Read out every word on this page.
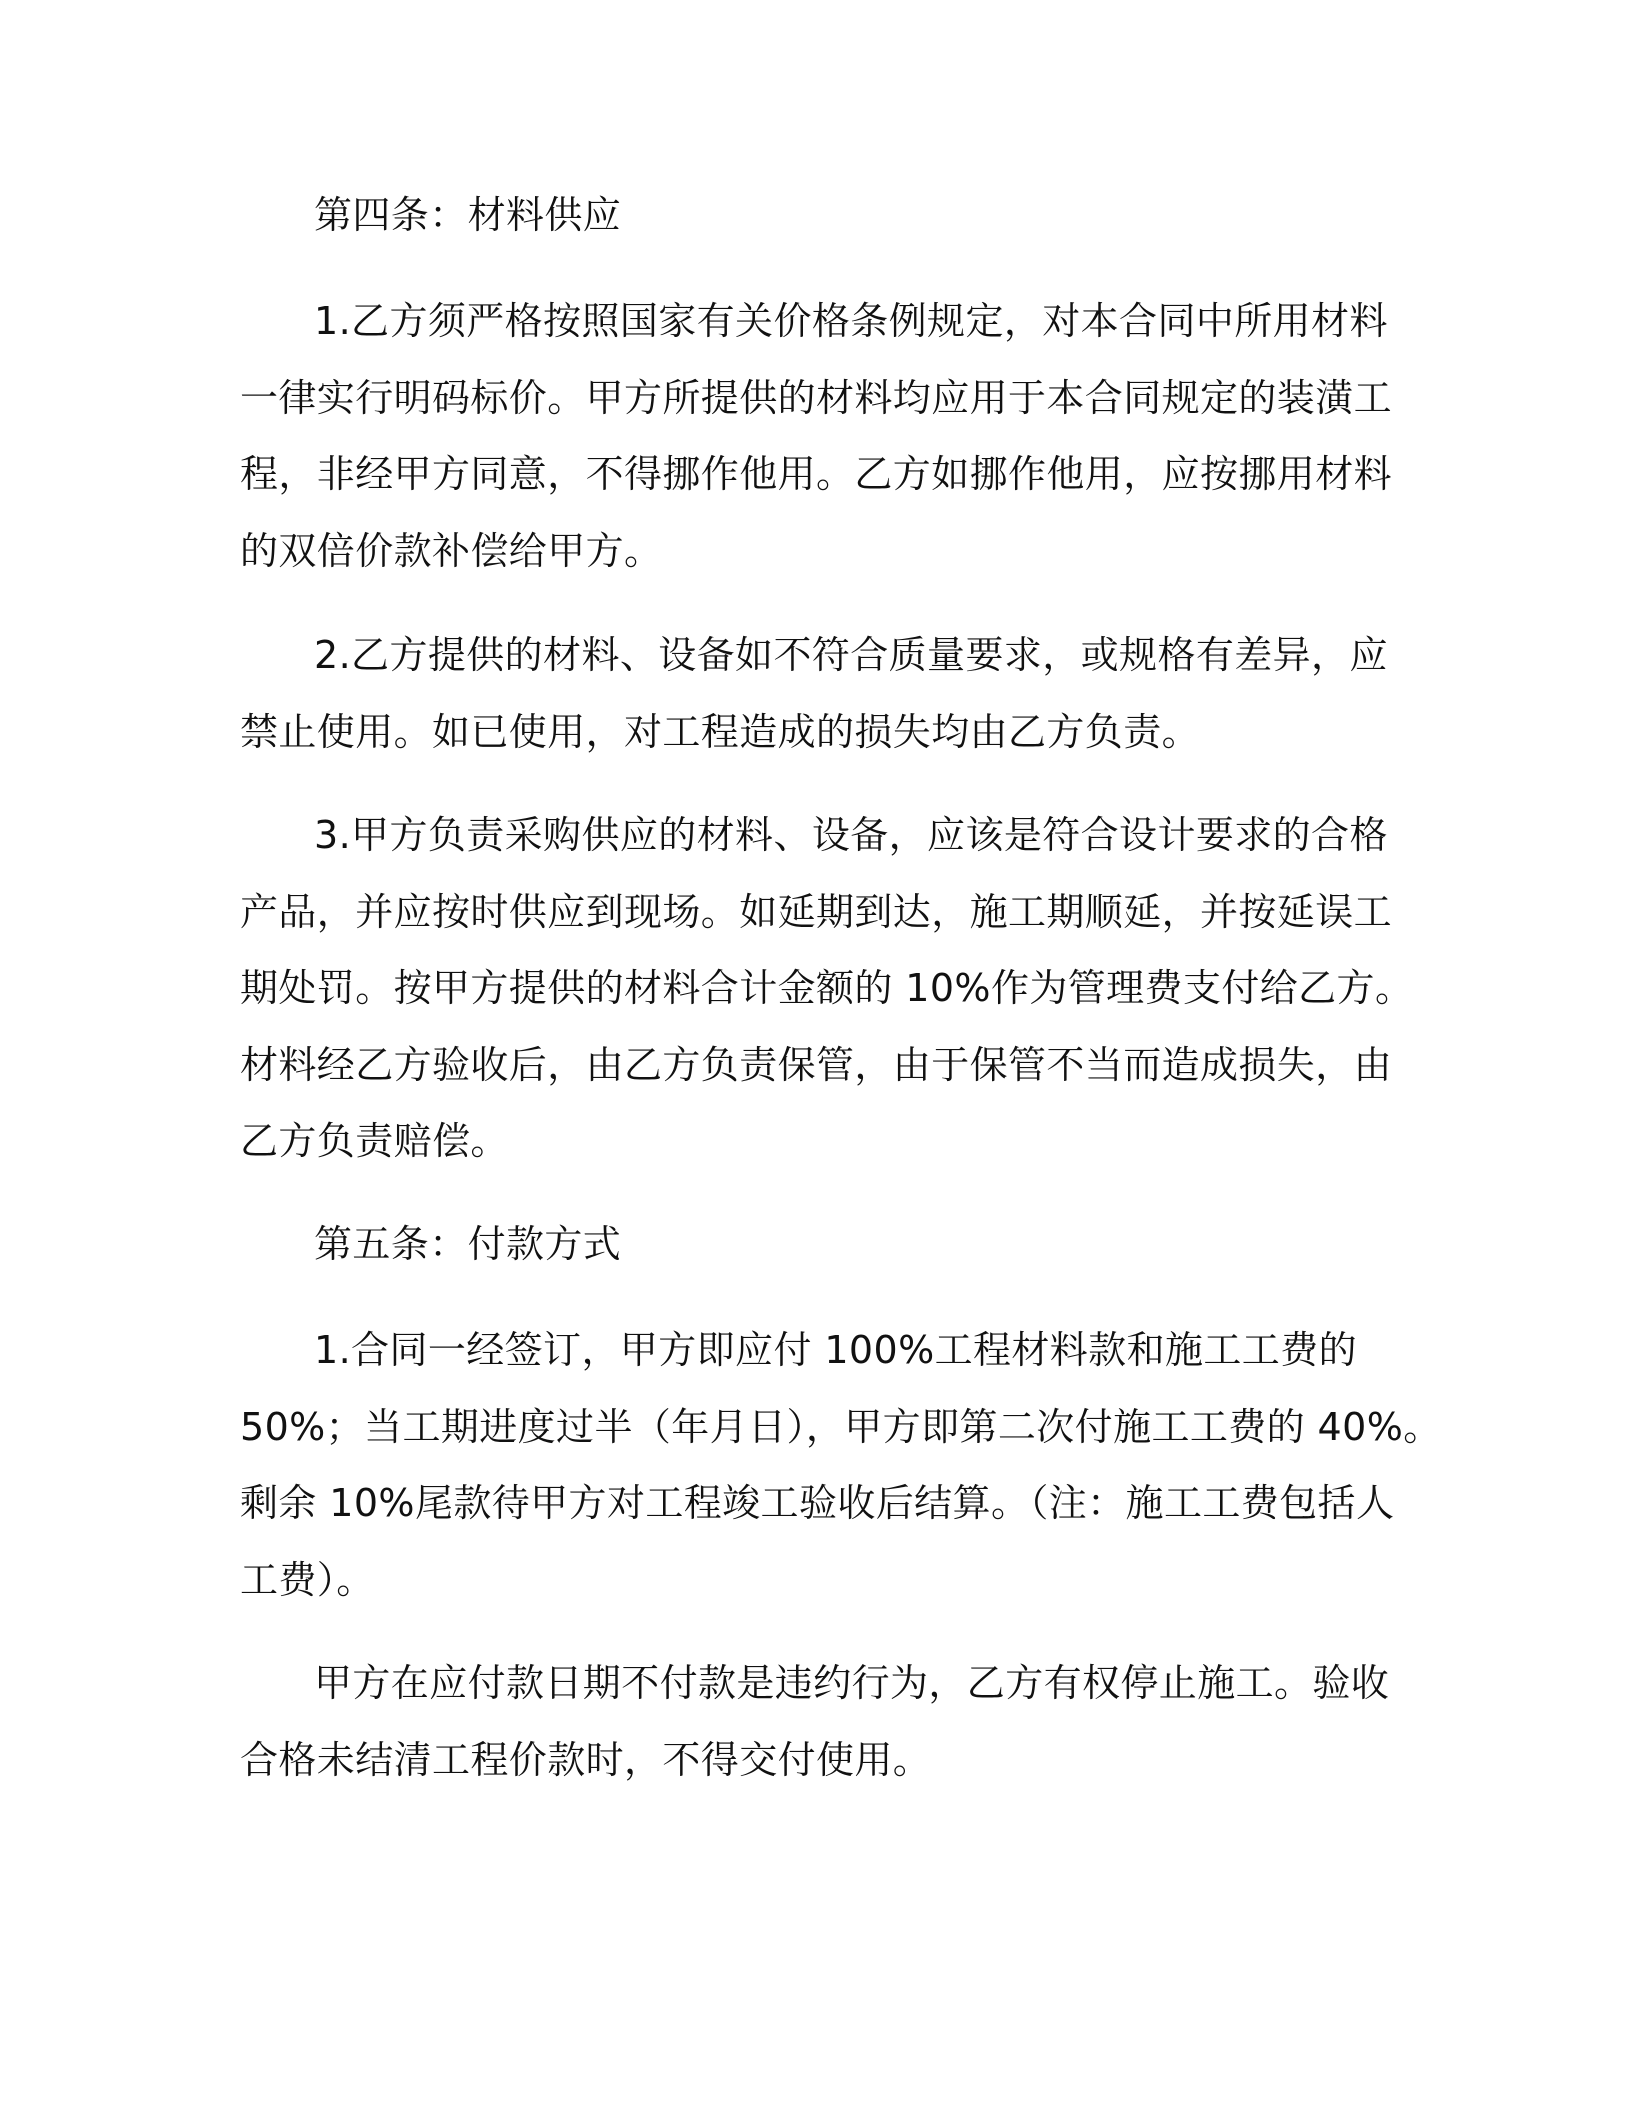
第四条：材料供应

1.乙方须严格按照国家有关价格条例规定，对本合同中所用材料
一律实行明码标价。甲方所提供的材料均应用于本合同规定的装潢工
程，非经甲方同意，不得挪作他用。乙方如挪作他用，应按挪用材料
的双倍价款补偿给甲方。

2.乙方提供的材料、设备如不符合质量要求，或规格有差异，应
禁止使用。如已使用，对工程造成的损失均由乙方负责。

3.甲方负责采购供应的材料、设备，应该是符合设计要求的合格
产品，并应按时供应到现场。如延期到达，施工期顺延，并按延误工
期处罚。按甲方提供的材料合计金额的 10%作为管理费支付给乙方。
材料经乙方验收后，由乙方负责保管，由于保管不当而造成损失，由
乙方负责赔偿。

第五条：付款方式

1.合同一经签订，甲方即应付 100%工程材料款和施工工费的
50%；当工期进度过半（年月日），甲方即第二次付施工工费的 40%。
剩余 10%尾款待甲方对工程竣工验收后结算。（注：施工工费包括人
工费）。

甲方在应付款日期不付款是违约行为，乙方有权停止施工。验收
合格未结清工程价款时，不得交付使用。
